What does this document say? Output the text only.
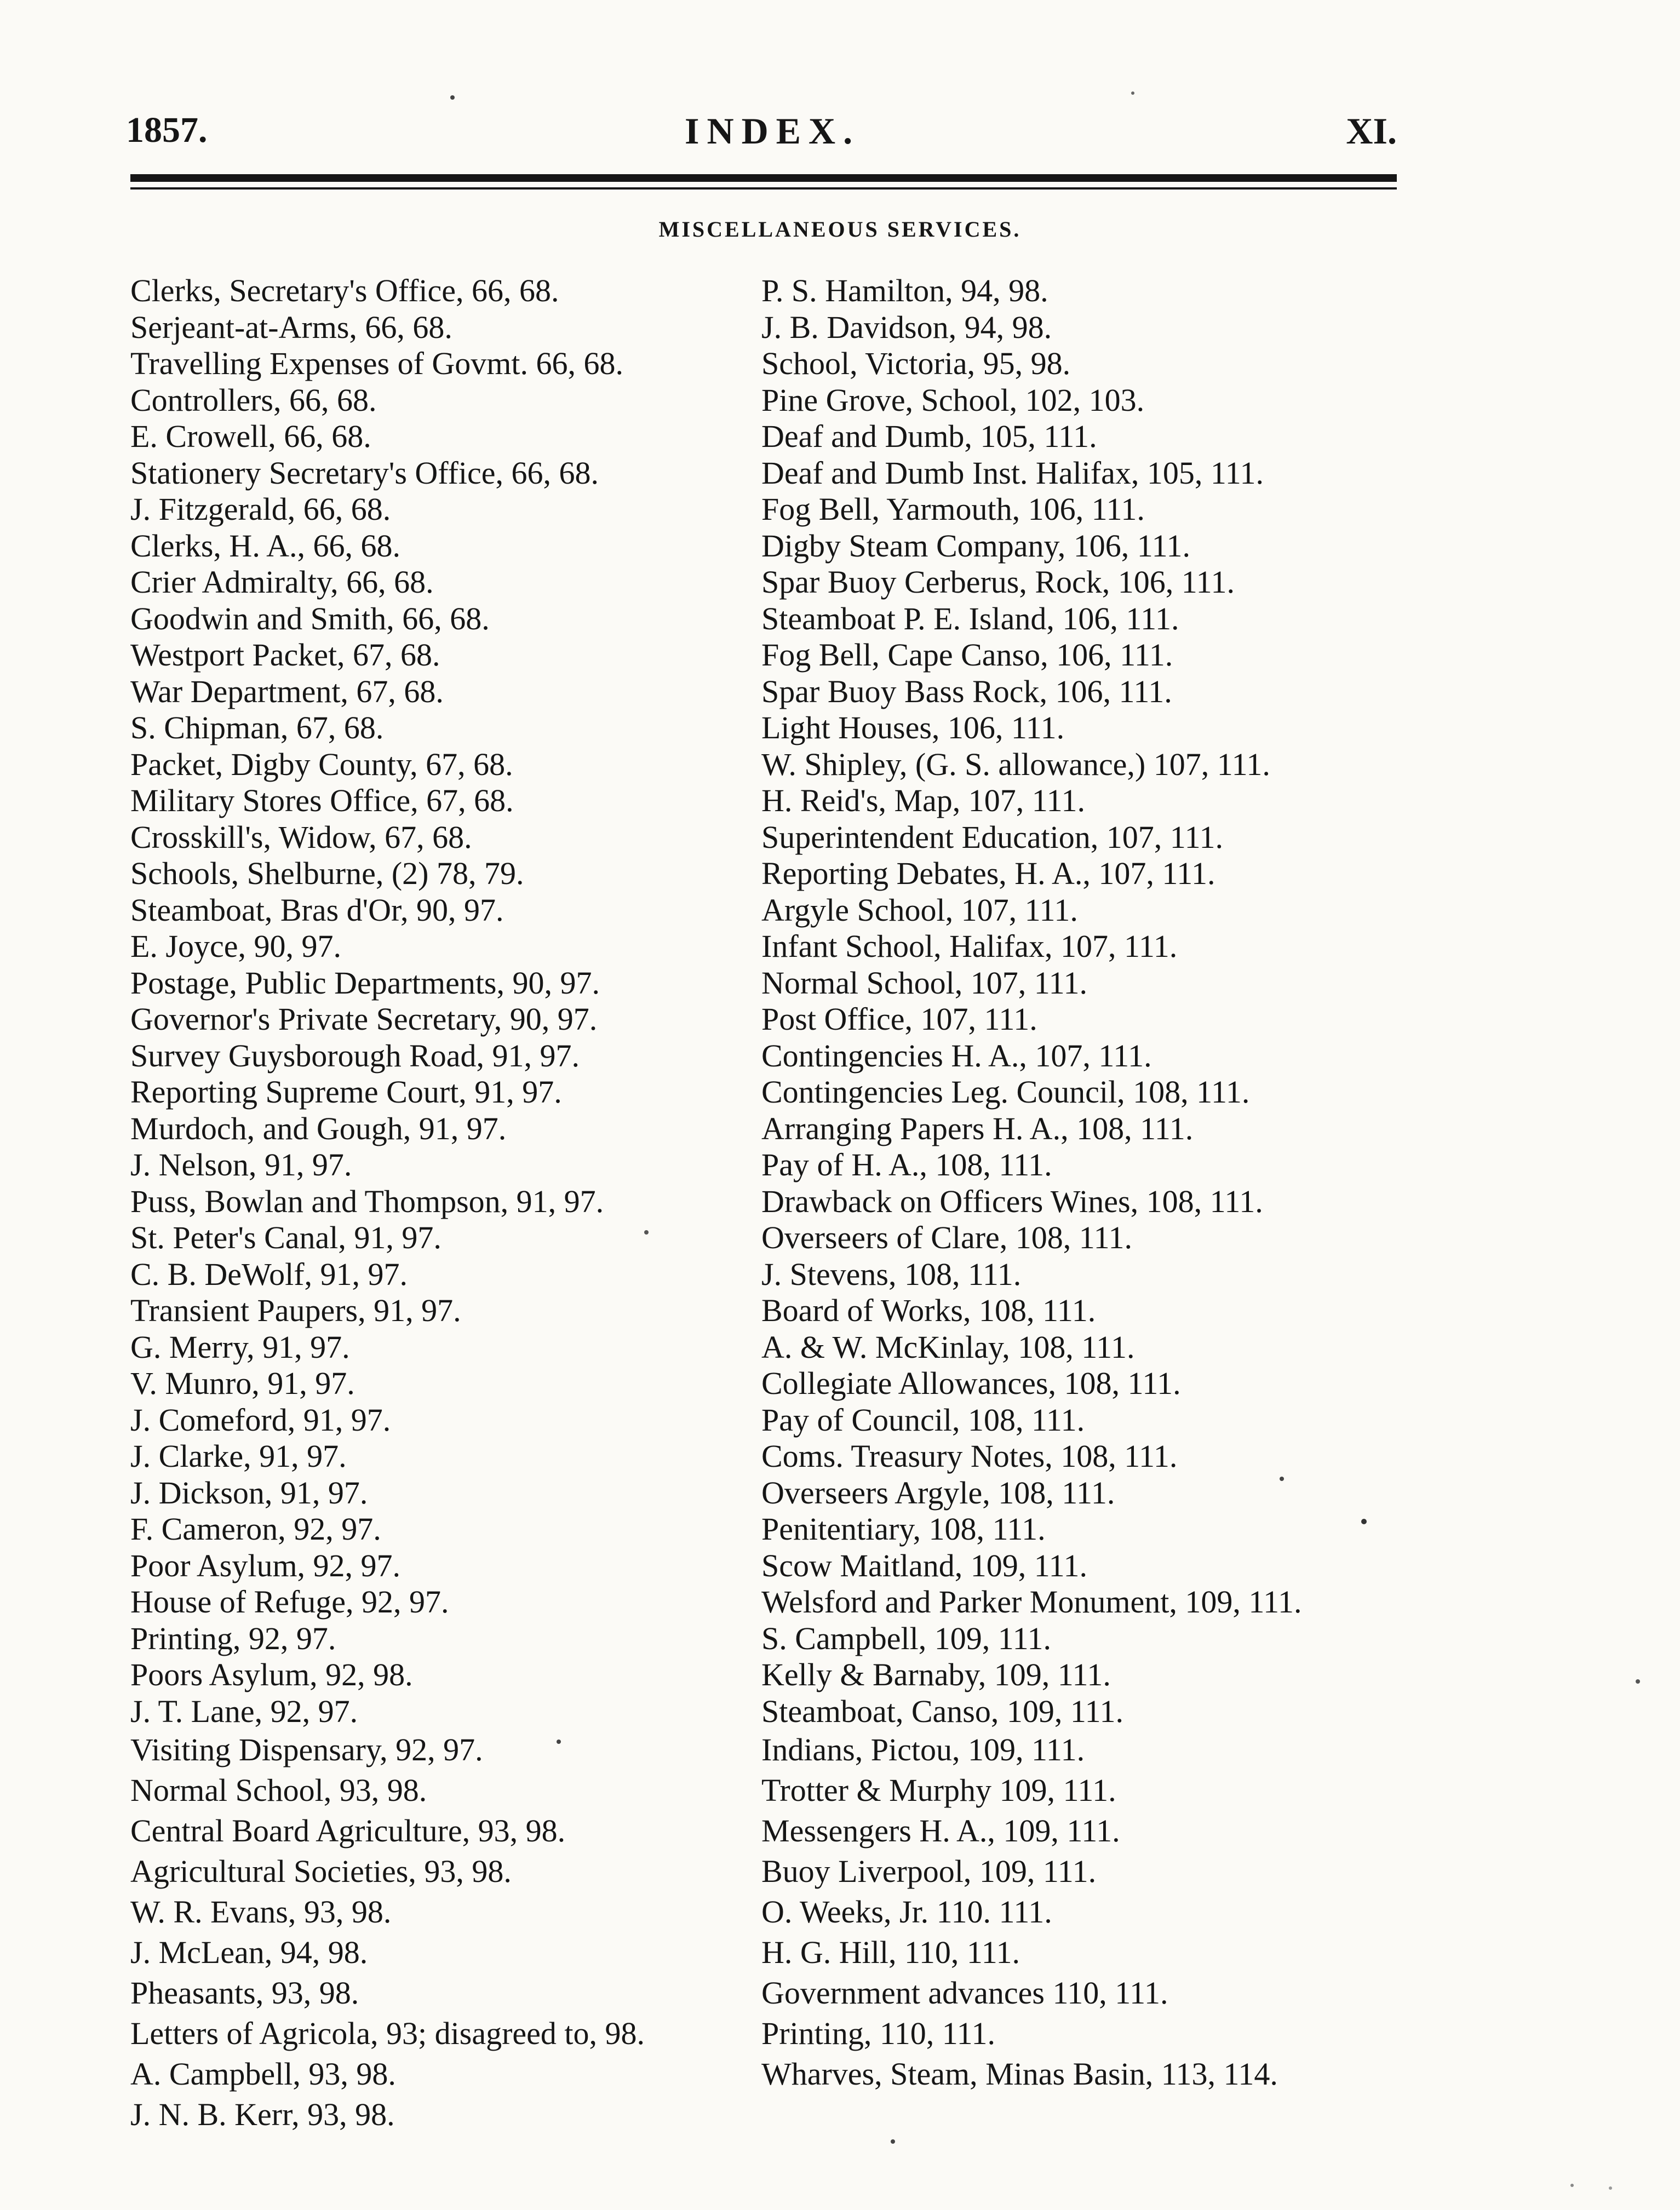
1857.	INDEX.	XI.
MISCELLANEOUS SERVICES.

Clerks, Secretary's Office, 66, 68.

Serjeant-at-Arms, 66, 68.

Travelling Expenses of Govmt. 66, 68.

Controllers, 66, 68.

E. Crowell, 66, 68.

Stationery Secretary's Office, 66, 68.

J. Fitzgerald, 66, 68.

Clerks, H. A., 66, 68.

Crier Admiralty, 66, 68.

Goodwin and Smith, 66, 68.

Westport Packet, 67, 68.

War Department, 67, 68.

S. Chipman, 67, 68.

Packet, Digby County, 67, 68.

Military Stores Office, 67, 68.

Crosskill's, Widow, 67, 68.

Schools, Shelburne, (2) 78, 79.

Steamboat, Bras d'Or, 90, 97.

E. Joyce, 90, 97.

Postage, Public Departments, 90, 97.

Governor's Private Secretary, 90, 97.

Survey Guysborough Road, 91, 97.

Reporting Supreme Court, 91, 97.

Murdoch, and Gough, 91, 97.

J. Nelson, 91, 97.

Puss, Bowlan and Thompson, 91, 97.

St. Peter's Canal, 91, 97.

C. B. DeWolf, 91, 97.

Transient Paupers, 91, 97.

G. Merry, 91, 97.

V. Munro, 91, 97.

J. Comeford, 91, 97.

J. Clarke, 91, 97.

J. Dickson, 91, 97.

F. Cameron, 92, 97.

Poor Asylum, 92, 97.

House of Refuge, 92, 97.

Printing, 92, 97.

Poors Asylum, 92, 98.

J. T. Lane, 92, 97.

Visiting Dispensary, 92, 97.

Normal School, 93, 98.

Central Board Agriculture, 93, 98.

Agricultural Societies, 93, 98.

W. R. Evans, 93, 98.

J. McLean, 94, 98.

Pheasants, 93, 98.

Letters of Agricola, 93; disagreed to, 98.

A. Campbell, 93, 98.

J. N. B. Kerr, 93, 98.

P. S. Hamilton, 94, 98.

J. B. Davidson, 94, 98.

School, Victoria, 95, 98.

Pine Grove, School, 102, 103.

Deaf and Dumb, 105, 111.

Deaf and Dumb Inst. Halifax, 105, 111.

Fog Bell, Yarmouth, 106, 111.

Digby Steam Company, 106, 111.

Spar Buoy Cerberus, Rock, 106, 111.

Steamboat P. E. Island, 106, 111.

Fog Bell, Cape Canso, 106, 111.

Spar Buoy Bass Rock, 106, 111.

Light Houses, 106, 111.

W. Shipley, (G. S. allowance,) 107, 111.

H. Reid's, Map, 107, 111.

Superintendent Education, 107, 111.

Reporting Debates, H. A., 107, 111.

Argyle School, 107, 111.

Infant School, Halifax, 107, 111.

Normal School, 107, 111.

Post Office, 107, 111.

Contingencies H. A., 107, 111.

Contingencies Leg. Council, 108, 111.

Arranging Papers H. A., 108, 111.

Pay of H. A., 108, 111.

Drawback on Officers Wines, 108, 111.

Overseers of Clare, 108, 111.

J. Stevens, 108, 111.

Board of Works, 108, 111.

A. & W. McKinlay, 108, 111.

Collegiate Allowances, 108, 111.

Pay of Council, 108, 111.

Coms. Treasury Notes, 108, 111.

Overseers Argyle, 108, 111.

Penitentiary, 108, 111.

Scow Maitland, 109, 111.

Welsford and Parker Monument, 109, 111.

S. Campbell, 109, 111.

Kelly & Barnaby, 109, 111.

Steamboat, Canso, 109, 111.

Indians, Pictou, 109, 111.

Trotter & Murphy 109, 111.

Messengers H. A., 109, 111.

Buoy Liverpool, 109, 111.

O. Weeks, Jr. 110. 111.

H. G. Hill, 110, 111.

Government advances 110, 111.

Printing, 110, 111.

Wharves, Steam, Minas Basin, 113, 114.
